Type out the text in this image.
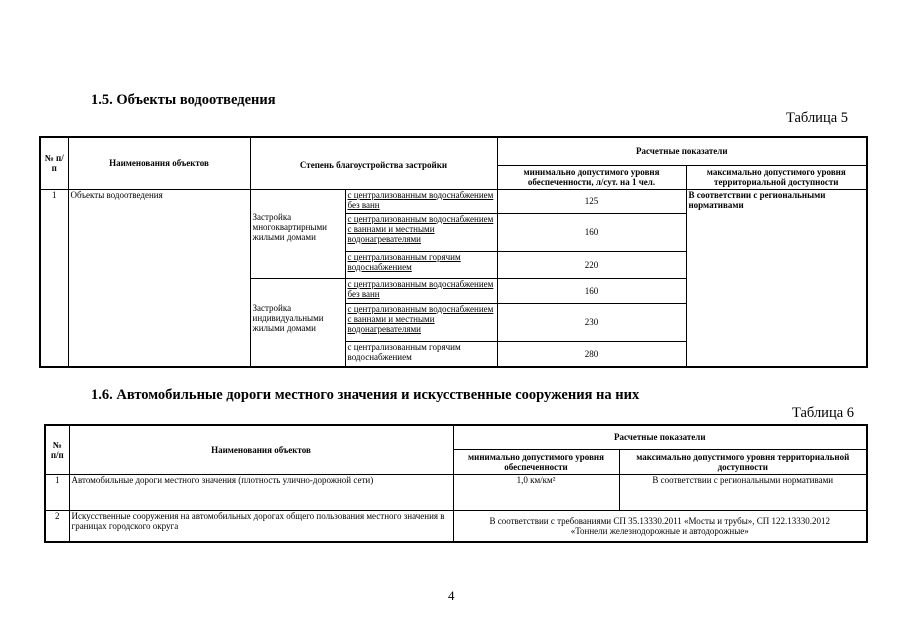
1.5. Объекты водоотведения
Таблица 5
№ п/п	Наименования объектов	Степень благоустройства застройки		Расчетные показатели	
				минимально допустимого уровня обеспеченности, л/сут. на 1 чел.	максимально допустимого уровня территориальной доступности
1	Объекты водоотведения	Застройка многоквартирными жилыми домами	с централизованным водоснабжением без ванн	125	В соответствии с региональными нормативами
			с централизованным водоснабжением с ваннами и местными водонагревателями	160	
			с централизованным горячим водоснабжением	220	
		Застройка индивидуальными жилыми домами	с централизованным водоснабжением без ванн	160	
			с централизованным водоснабжением с ваннами и местными водонагревателями	230	
			с централизованным горячим водоснабжением	280	
1.6. Автомобильные дороги местного значения и искусственные сооружения на них
Таблица 6
№ п/п	Наименования объектов	Расчетные показатели	
		минимально допустимого уровня обеспеченности	максимально допустимого уровня территориальной доступности
1	Автомобильные дороги местного значения (плотность улично-дорожной сети)	1,0 км/км²	В соответствии с региональными нормативами
2	Искусственные сооружения на автомобильных дорогах общего пользования местного значения в границах городского округа	В соответствии с требованиями СП 35.13330.2011 «Мосты и трубы», СП 122.13330.2012 «Тоннели железнодорожные и автодорожные»	
4
